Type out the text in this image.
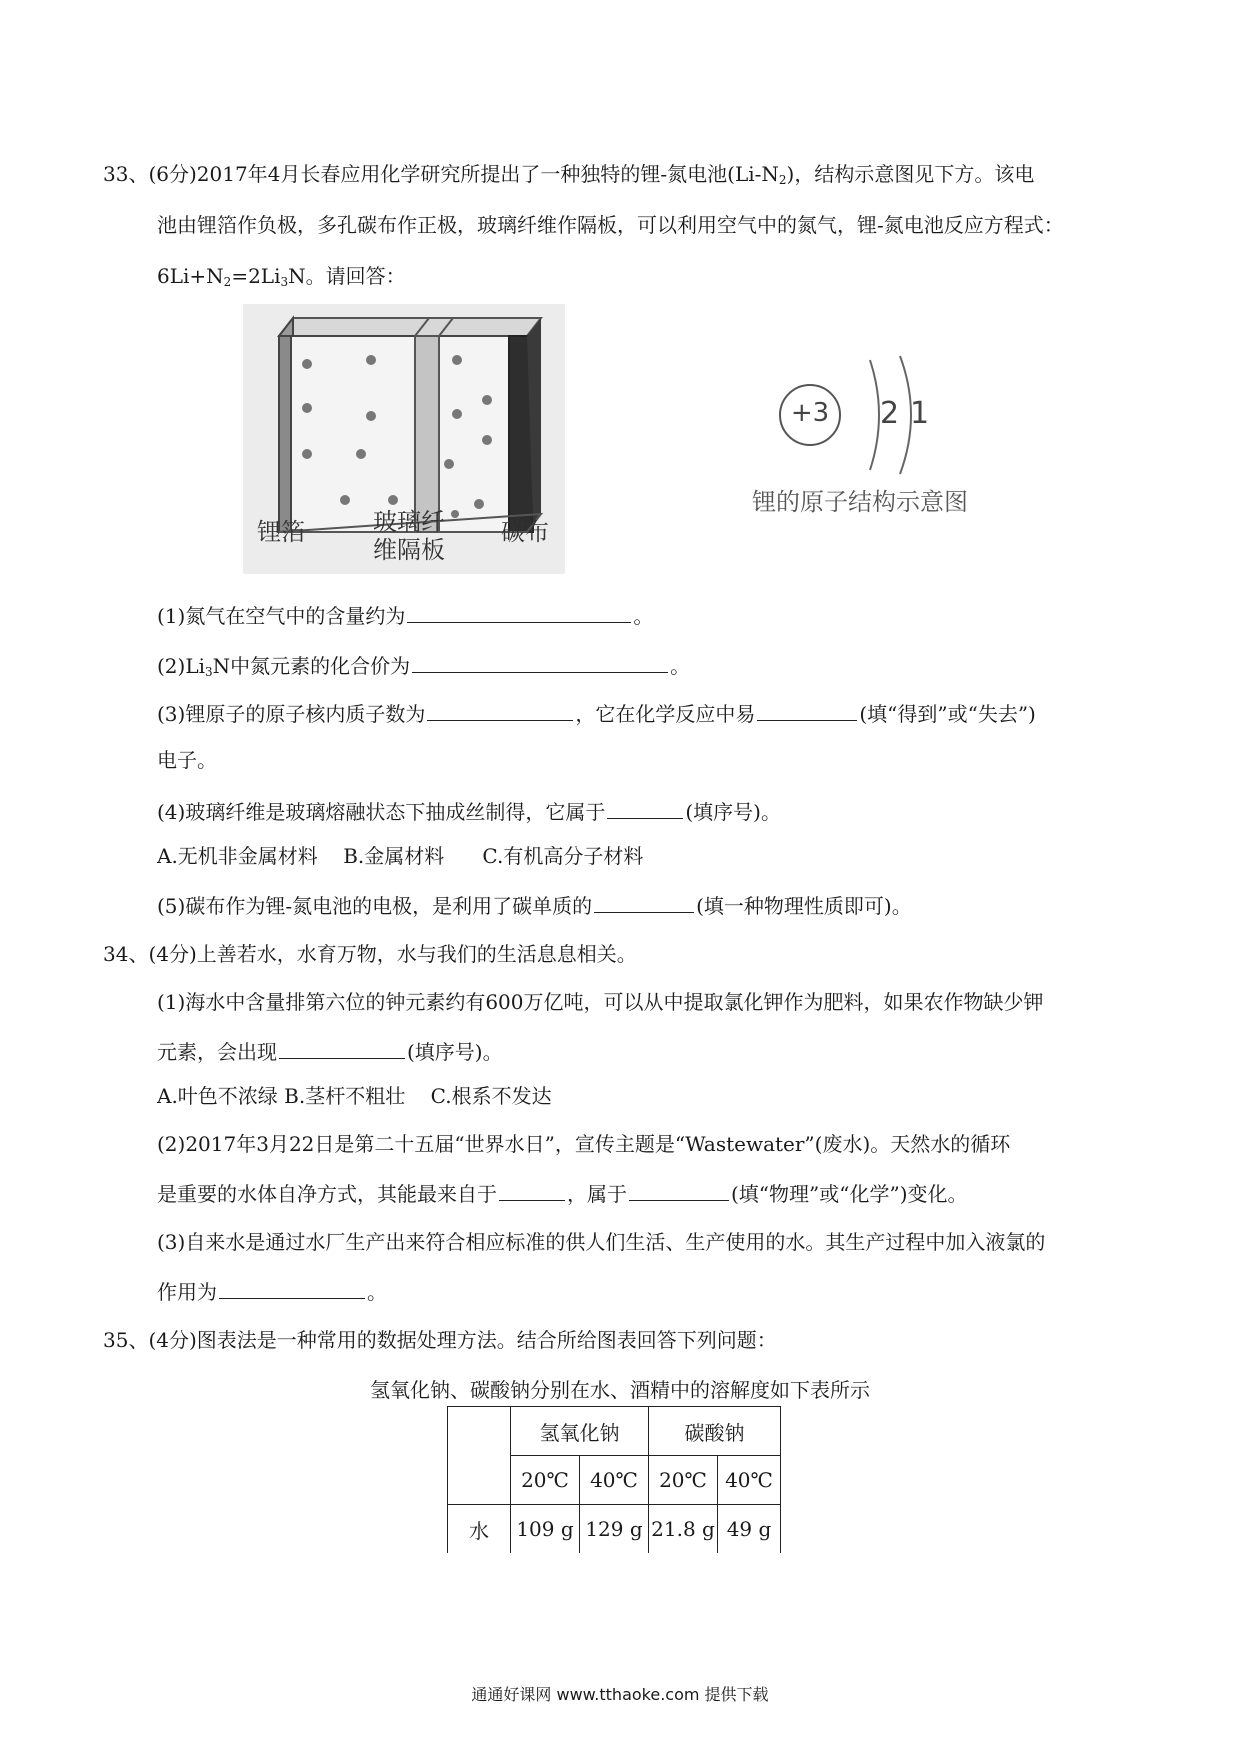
33、(6分)2017年4月长春应用化学研究所提出了一种独特的锂-氮电池$(Li-N_2)$，结构示意图见下方。该电
池由锂箔作负极，多孔碳布作正极，玻璃纤维作隔板，可以利用空气中的氮气，锂-氮电池反应方程式：
$6Li+N_2=2Li_3N$。请回答：
锂箔	玻璃纤
维隔板
碳布
+3 2 1
锂的原子结构示意图
(1)氮气在空气中的含量约为	。
$(2)Li_3N$中氮元素的化合价为	。
(3)锂原子的原子核内质子数为	，它在化学反应中易	(填“得到”或“失去”)
电子。
(4)玻璃纤维是玻璃熔融状态下抽成丝制得，它属于	(填序号)。
A.无机非金属材料    B.金属材料      C.有机高分子材料
(5)碳布作为锂-氮电池的电极，是利用了碳单质的	(填一种物理性质即可)。
34、(4分)上善若水，水育万物，水与我们的生活息息相关。
(1)海水中含量排第六位的钟元素约有600万亿吨，可以从中提取氯化钾作为肥料，如果农作物缺少钾
元素，会出现	(填序号)。
A.叶色不浓绿 B.茎杆不粗壮    C.根系不发达
(2)2017年3月22日是第二十五届“世界水日”，宣传主题是“Wastewater”(废水)。天然水的循环
是重要的水体自净方式，其能最来自于	，属于	(填“物理”或“化学”)变化。
(3)自来水是通过水厂生产出来符合相应标准的供人们生活、生产使用的水。其生产过程中加入液氯的
作用为	。
35、(4分)图表法是一种常用的数据处理方法。结合所给图表回答下列问题：
氢氧化钠、碳酸钠分别在水、酒精中的溶解度如下表所示
	氢氧化钠		碳酸钠	
	20℃	40℃	20℃	40℃
水	109 g	129 g	21.8 g	49 g
通通好课网 www.tthaoke.com 提供下载
